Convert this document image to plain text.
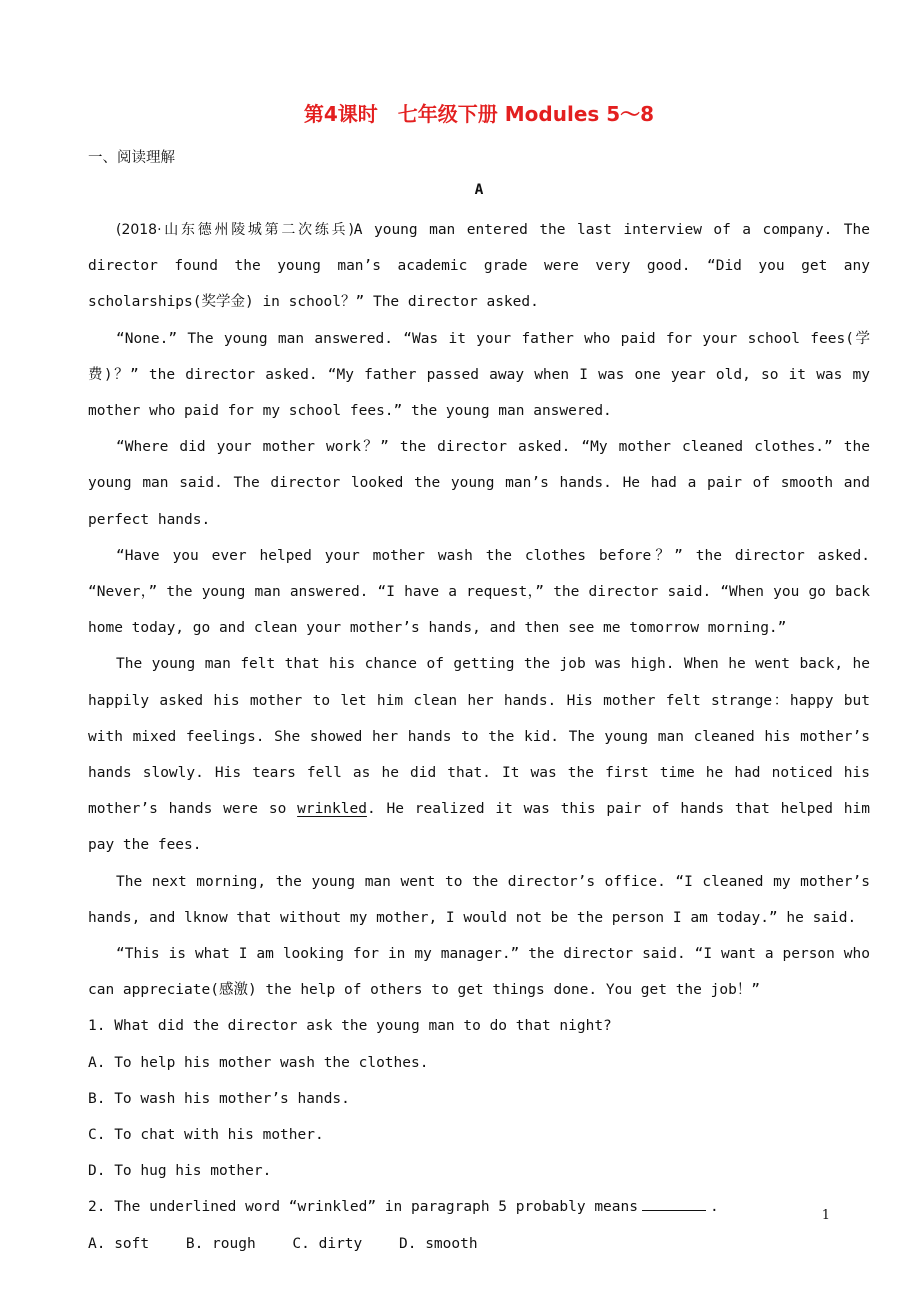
第4课时　七年级下册 Modules 5～8
一、阅读理解
A

(2018·山东德州陵城第二次练兵)A young man entered the last interview of a company. The director found the young man’s academic grade were very good. “Did you get any scholarships(奖学金) in school？” The director asked.

“None.” The young man answered. “Was it your father who paid for your school fees(学费)？” the director asked. “My father passed away when I was one year old, so it was my mother who paid for my school fees.” the young man answered.

“Where did your mother work？” the director asked. “My mother cleaned clothes.” the young man said. The director looked the young man’s hands. He had a pair of smooth and perfect hands.

“Have you ever helped your mother wash the clothes before？” the director asked. “Never，” the young man answered. “I have a request，” the director said. “When you go back home today, go and clean your mother’s hands, and then see me tomorrow morning.”

The young man felt that his chance of getting the job was high. When he went back, he happily asked his mother to let him clean her hands. His mother felt strange：happy but with mixed feelings. She showed her hands to the kid. The young man cleaned his mother’s hands slowly. His tears fell as he did that. It was the first time he had noticed his mother’s hands were so wrinkled. He realized it was this pair of hands that helped him pay the fees.

The next morning, the young man went to the director’s office. “I cleaned my mother’s hands, and lknow that without my mother, I would not be the person I am today.” he said.

“This is what I am looking for in my manager.” the director said. “I want a person who can appreciate(感激) the help of others to get things done. You get the job！”

1. What did the director ask the young man to do that night?

A. To help his mother wash the clothes.

B. To wash his mother’s hands.

C. To chat with his mother.

D. To hug his mother.

2. The underlined word “wrinkled” in paragraph 5 probably means	.

A. soft	B. rough	C. dirty	D. smooth

1
